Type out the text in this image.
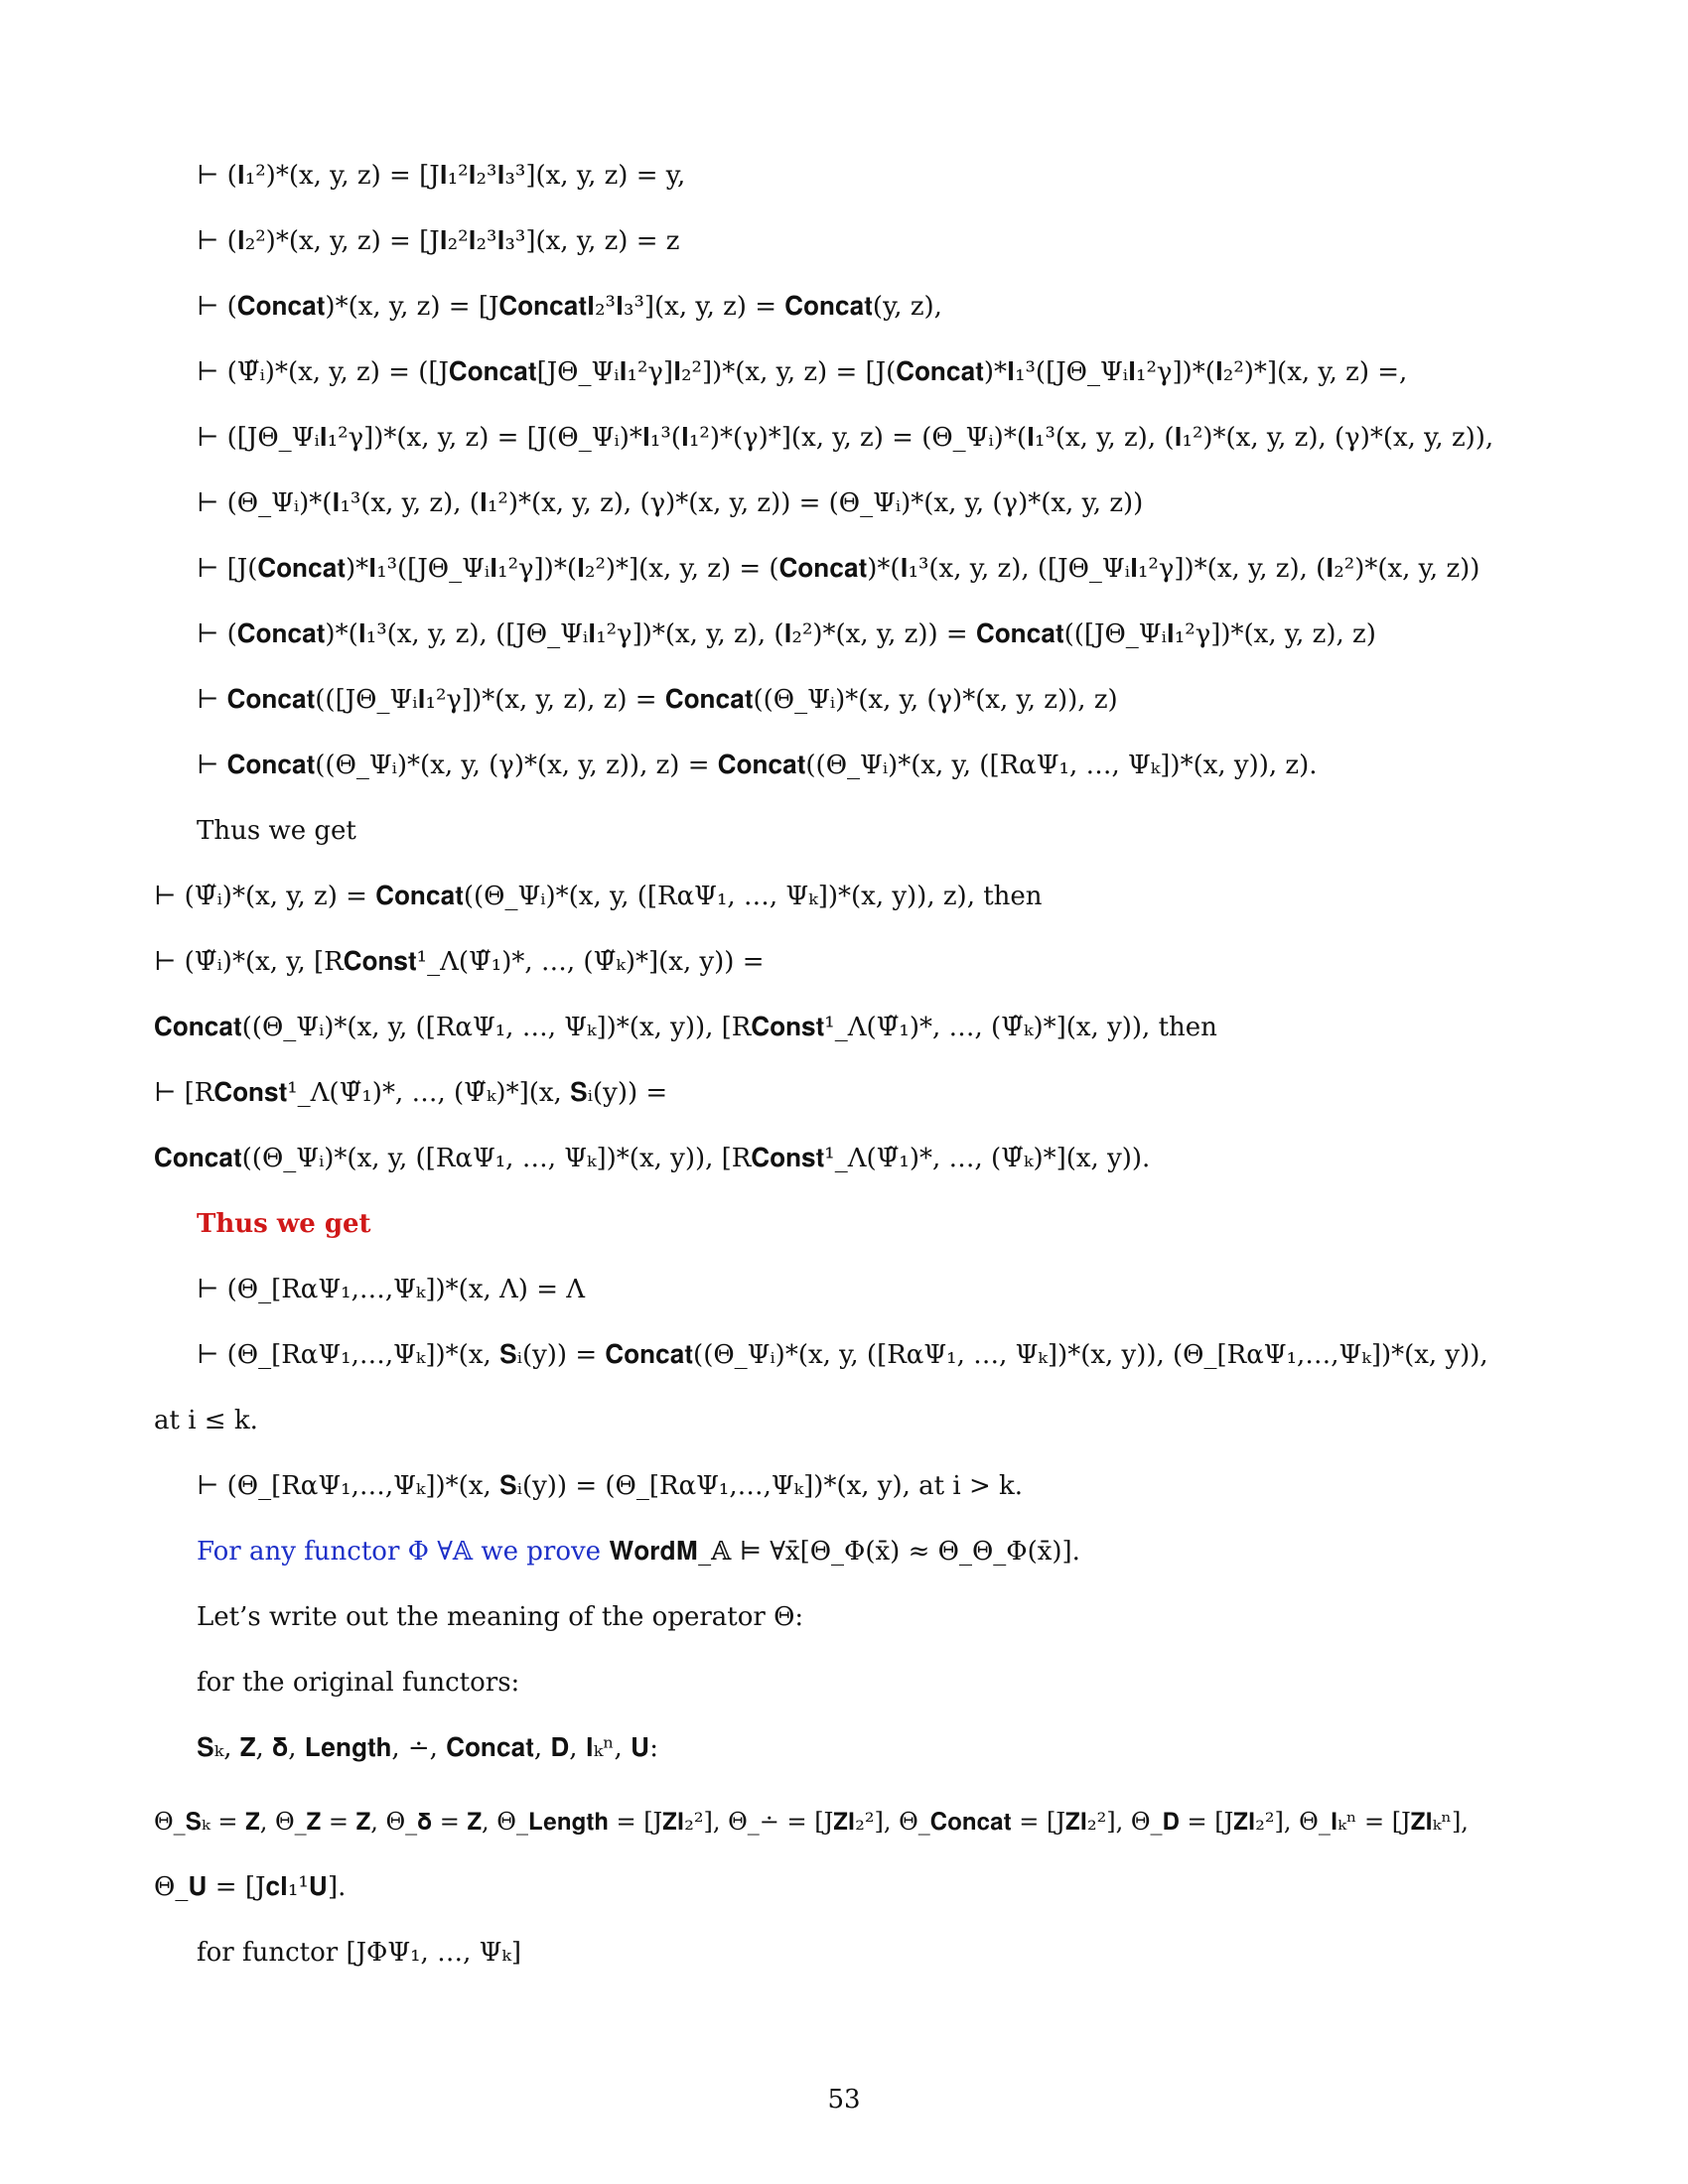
⊢ (𝐈₁²)*(x, y, z) = [J𝐈₁²𝐈₂³𝐈₃³](x, y, z) = y,
⊢ (𝐈₂²)*(x, y, z) = [J𝐈₂²𝐈₂³𝐈₃³](x, y, z) = z
⊢ (𝐂𝐨𝐧𝐜𝐚𝐭)*(x, y, z) = [J𝐂𝐨𝐧𝐜𝐚𝐭𝐈₂³𝐈₃³](x, y, z) = 𝐂𝐨𝐧𝐜𝐚𝐭(y, z),
⊢ (Ψ̃ᵢ)*(x, y, z) = ([J𝐂𝐨𝐧𝐜𝐚𝐭[JΘ_Ψᵢ𝐈₁²γ]𝐈₂²])*(x, y, z) = [J(𝐂𝐨𝐧𝐜𝐚𝐭)*𝐈₁³([JΘ_Ψᵢ𝐈₁²γ])*(𝐈₂²)*](x, y, z) =,
⊢ ([JΘ_Ψᵢ𝐈₁²γ])*(x, y, z) = [J(Θ_Ψᵢ)*𝐈₁³(𝐈₁²)*(γ)*](x, y, z) = (Θ_Ψᵢ)*(𝐈₁³(x, y, z), (𝐈₁²)*(x, y, z), (γ)*(x, y, z)),
⊢ (Θ_Ψᵢ)*(𝐈₁³(x, y, z), (𝐈₁²)*(x, y, z), (γ)*(x, y, z)) = (Θ_Ψᵢ)*(x, y, (γ)*(x, y, z))
⊢ [J(𝐂𝐨𝐧𝐜𝐚𝐭)*𝐈₁³([JΘ_Ψᵢ𝐈₁²γ])*(𝐈₂²)*](x, y, z) = (𝐂𝐨𝐧𝐜𝐚𝐭)*(𝐈₁³(x, y, z), ([JΘ_Ψᵢ𝐈₁²γ])*(x, y, z), (𝐈₂²)*(x, y, z))
⊢ (𝐂𝐨𝐧𝐜𝐚𝐭)*(𝐈₁³(x, y, z), ([JΘ_Ψᵢ𝐈₁²γ])*(x, y, z), (𝐈₂²)*(x, y, z)) = 𝐂𝐨𝐧𝐜𝐚𝐭(([JΘ_Ψᵢ𝐈₁²γ])*(x, y, z), z)
⊢ 𝐂𝐨𝐧𝐜𝐚𝐭(([JΘ_Ψᵢ𝐈₁²γ])*(x, y, z), z) = 𝐂𝐨𝐧𝐜𝐚𝐭((Θ_Ψᵢ)*(x, y, (γ)*(x, y, z)), z)
⊢ 𝐂𝐨𝐧𝐜𝐚𝐭((Θ_Ψᵢ)*(x, y, (γ)*(x, y, z)), z) = 𝐂𝐨𝐧𝐜𝐚𝐭((Θ_Ψᵢ)*(x, y, ([RαΨ₁, …, Ψₖ])*(x, y)), z).
Thus we get
⊢ (Ψ̃ᵢ)*(x, y, z) = 𝐂𝐨𝐧𝐜𝐚𝐭((Θ_Ψᵢ)*(x, y, ([RαΨ₁, …, Ψₖ])*(x, y)), z), then
⊢ (Ψ̃ᵢ)*(x, y, [R𝐂𝐨𝐧𝐬𝐭¹_Λ(Ψ̃₁)*, …, (Ψ̃ₖ)*](x, y)) =
𝐂𝐨𝐧𝐜𝐚𝐭((Θ_Ψᵢ)*(x, y, ([RαΨ₁, …, Ψₖ])*(x, y)), [R𝐂𝐨𝐧𝐬𝐭¹_Λ(Ψ̃₁)*, …, (Ψ̃ₖ)*](x, y)), then
⊢ [R𝐂𝐨𝐧𝐬𝐭¹_Λ(Ψ̃₁)*, …, (Ψ̃ₖ)*](x, 𝐒ᵢ(y)) =
𝐂𝐨𝐧𝐜𝐚𝐭((Θ_Ψᵢ)*(x, y, ([RαΨ₁, …, Ψₖ])*(x, y)), [R𝐂𝐨𝐧𝐬𝐭¹_Λ(Ψ̃₁)*, …, (Ψ̃ₖ)*](x, y)).
Thus we get
⊢ (Θ_[RαΨ₁,…,Ψₖ])*(x, Λ) = Λ
⊢ (Θ_[RαΨ₁,…,Ψₖ])*(x, 𝐒ᵢ(y)) = 𝐂𝐨𝐧𝐜𝐚𝐭((Θ_Ψᵢ)*(x, y, ([RαΨ₁, …, Ψₖ])*(x, y)), (Θ_[RαΨ₁,…,Ψₖ])*(x, y)),
at i ≤ k.
⊢ (Θ_[RαΨ₁,…,Ψₖ])*(x, 𝐒ᵢ(y)) = (Θ_[RαΨ₁,…,Ψₖ])*(x, y), at i > k.
For any functor Φ ∀𝔸 we prove 𝐖𝐨𝐫𝐝𝐌_𝔸 ⊨ ∀x̄[Θ_Φ(x̄) ≈ Θ_Θ_Φ(x̄)].
Let’s write out the meaning of the operator Θ:
for the original functors:
𝐒ₖ, 𝐙, 𝛅, 𝐋𝐞𝐧𝐠𝐭𝐡, ∸, 𝐂𝐨𝐧𝐜𝐚𝐭, 𝐃, 𝐈ₖⁿ, 𝐔:
Θ_𝐒ₖ = 𝐙, Θ_𝐙 = 𝐙, Θ_𝛅 = 𝐙, Θ_𝐋𝐞𝐧𝐠𝐭𝐡 = [J𝐙𝐈₂²], Θ_∸ = [J𝐙𝐈₂²], Θ_𝐂𝐨𝐧𝐜𝐚𝐭 = [J𝐙𝐈₂²], Θ_𝐃 = [J𝐙𝐈₂²], Θ_𝐈ₖⁿ = [J𝐙𝐈ₖⁿ],
Θ_𝐔 = [J𝐜𝐈₁¹𝐔].
for functor [JΦΨ₁, …, Ψₖ]
53
